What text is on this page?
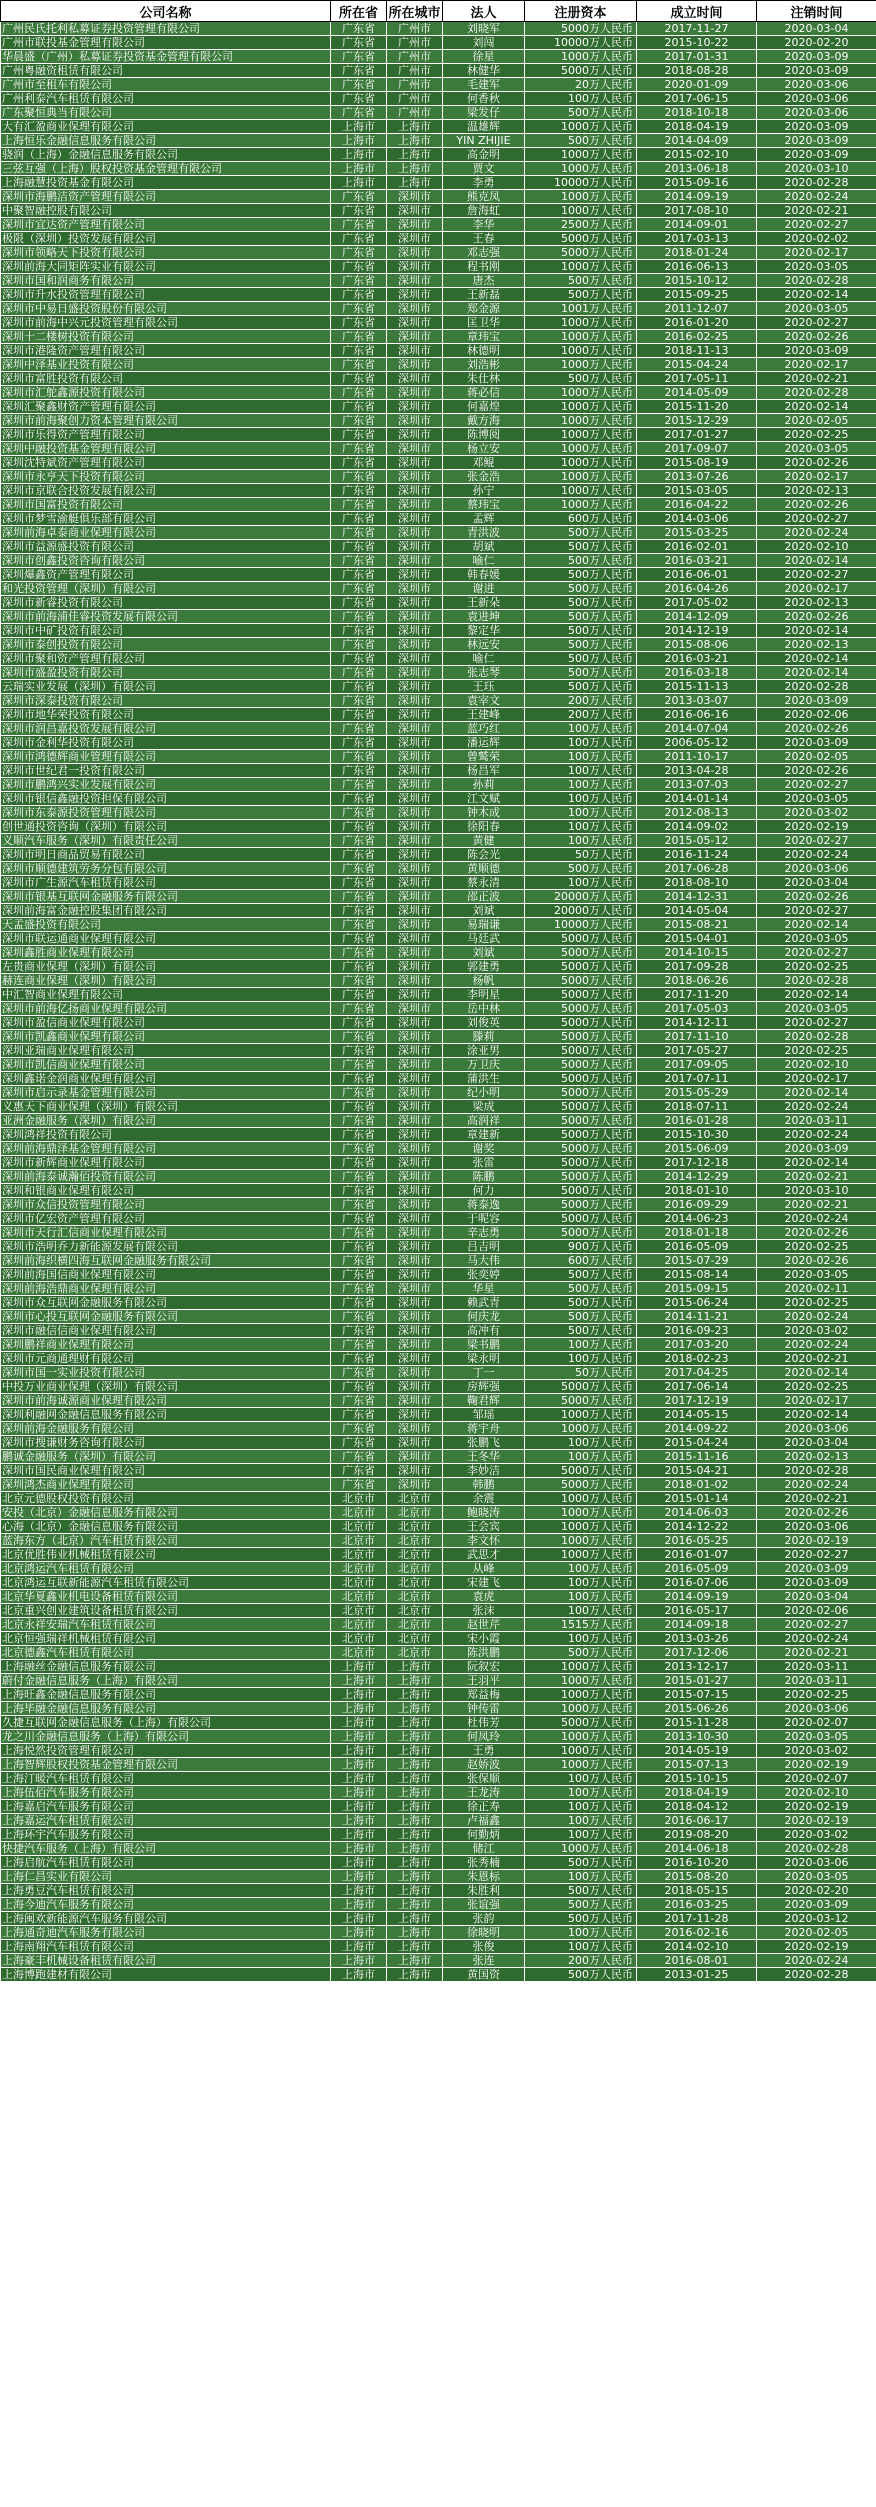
公司名称	所在省	所在城市	法人	注册资本	成立时间	注销时间
广州民氏托利私募证券投资管理有限公司	广东省	广州市	刘晓军	5000万人民币	2017-11-27	2020-03-04
广州市联投基金管理有限公司	广东省	广州市	刘闯	10000万人民币	2015-10-22	2020-02-20
华晨盛（广州）私募证券投资基金管理有限公司	广东省	广州市	徐星	1000万人民币	2017-01-31	2020-03-09
广州粤融资租赁有限公司	广东省	广州市	林健华	5000万人民币	2018-08-28	2020-03-09
广州市至租车有限公司	广东省	广州市	毛建军	20万人民币	2020-01-09	2020-03-06
广州利泰汽车租赁有限公司	广东省	广州市	何香秋	100万人民币	2017-06-15	2020-03-06
广东聚恒典当有限公司	广东省	广州市	梁发仔	500万人民币	2018-10-18	2020-03-06
大有汇盈商业保理有限公司	上海市	上海市	温雄辉	1000万人民币	2018-04-19	2020-03-09
上海恒乐金融信息服务有限公司	上海市	上海市	YIN ZHIJIE	500万人民币	2014-04-09	2020-03-09
骁润（上海）金融信息服务有限公司	上海市	上海市	高金明	1000万人民币	2015-02-10	2020-03-09
三弦互强（上海）股权投资基金管理有限公司	上海市	上海市	贾文	1000万人民币	2013-06-18	2020-03-10
上海融慧投资基金有限公司	上海市	上海市	李勇	10000万人民币	2015-09-16	2020-02-28
深圳市海鹏洁资产管理有限公司	广东省	深圳市	熊克凤	1000万人民币	2014-09-19	2020-02-24
中聚智融控股有限公司	广东省	深圳市	詹海虹	1000万人民币	2017-08-10	2020-02-21
深圳市宜达资产管理有限公司	广东省	深圳市	李华	2500万人民币	2014-09-01	2020-02-27
极限（深圳）投资发展有限公司	广东省	深圳市	王春	5000万人民币	2017-03-13	2020-02-02
深圳市领略天下投资有限公司	广东省	深圳市	邓志强	5000万人民币	2018-01-24	2020-02-17
深圳前海大同矩阵实业有限公司	广东省	深圳市	程书刚	1000万人民币	2016-06-13	2020-03-05
深圳市国和润商务有限公司	广东省	深圳市	唐杰	500万人民币	2015-10-12	2020-02-28
深圳市升水投资管理有限公司	广东省	深圳市	王新磊	500万人民币	2015-09-25	2020-02-14
深圳市中易日盛投资股份有限公司	广东省	深圳市	郑金源	1001万人民币	2011-12-07	2020-03-05
深圳市前海中兴元投资管理有限公司	广东省	深圳市	匡卫华	1000万人民币	2016-01-20	2020-02-27
深圳十二楼树投资有限公司	广东省	深圳市	章玮宝	1000万人民币	2016-02-25	2020-02-26
深圳市港隆资产管理有限公司	广东省	深圳市	林德明	1000万人民币	2018-11-13	2020-03-09
深圳中泽基业投资有限公司	广东省	深圳市	刘浩彬	1000万人民币	2015-04-24	2020-02-17
深圳市富胜投资有限公司	广东省	深圳市	朱仕林	500万人民币	2017-05-11	2020-02-21
深圳市汇鸵鑫源投资有限公司	广东省	深圳市	蒋必信	1000万人民币	2014-05-09	2020-02-28
深圳汇聚鑫财资产管理有限公司	广东省	深圳市	何嘉煌	1000万人民币	2015-11-20	2020-02-14
深圳市前海聚创力资本管理有限公司	广东省	深圳市	戴方海	1000万人民币	2015-12-29	2020-02-05
深圳市乐得资产管理有限公司	广东省	深圳市	陈博阅	1000万人民币	2017-01-27	2020-02-25
深圳中融投资基金管理有限公司	广东省	深圳市	杨立安	1000万人民币	2017-09-07	2020-03-05
深圳沈特斌资产管理有限公司	广东省	深圳市	邓鲲	1000万人民币	2015-08-19	2020-02-26
深圳市永亨天下投资有限公司	广东省	深圳市	张金浩	1000万人民币	2013-07-26	2020-02-17
深圳市京联合投资发展有限公司	广东省	深圳市	孙宁	1000万人民币	2015-03-05	2020-02-13
深圳市国富投资有限公司	广东省	深圳市	蔡玮宝	1000万人民币	2016-04-22	2020-02-26
深圳市梦雪渝艇俱乐部有限公司	广东省	深圳市	孟辉	600万人民币	2014-03-06	2020-02-27
深圳前海卓泰商业保理有限公司	广东省	深圳市	青洪波	500万人民币	2015-03-25	2020-02-24
深圳市益源盛投资有限公司	广东省	深圳市	胡斌	500万人民币	2016-02-01	2020-02-10
深圳市创鑫投资咨询有限公司	广东省	深圳市	喻仁	500万人民币	2016-03-21	2020-02-14
深圳爆鑫资产管理有限公司	广东省	深圳市	韩春媛	500万人民币	2016-06-01	2020-02-27
和光投资管理（深圳）有限公司	广东省	深圳市	谢进	500万人民币	2016-04-26	2020-02-17
深圳市新睿投资有限公司	广东省	深圳市	王新朵	500万人民币	2017-05-02	2020-02-13
深圳市前海浦佳睿投资发展有限公司	广东省	深圳市	袁进坤	500万人民币	2014-12-09	2020-02-26
深圳市中矿投资有限公司	广东省	深圳市	黎定华	500万人民币	2014-12-19	2020-02-14
深圳市泰创投资有限公司	广东省	深圳市	林远安	500万人民币	2015-08-06	2020-02-13
深圳市聚和资产管理有限公司	广东省	深圳市	喻仁	500万人民币	2016-03-21	2020-02-14
深圳市盛盈投资有限公司	广东省	深圳市	张志琴	500万人民币	2016-03-18	2020-02-14
云瑞实业发展（深圳）有限公司	广东省	深圳市	王珏	500万人民币	2015-11-13	2020-02-28
深圳市深泰投资有限公司	广东省	深圳市	袁宰文	200万人民币	2013-03-07	2020-03-09
深圳市地华荣投资有限公司	广东省	深圳市	王建峰	200万人民币	2016-06-16	2020-02-06
深圳市润昌嘉投资发展有限公司	广东省	深圳市	蓝巧红	100万人民币	2014-07-04	2020-02-26
深圳市金利华投资有限公司	广东省	深圳市	潘运辉	100万人民币	2006-05-12	2020-03-09
深圳市鸿德辉商业管理有限公司	广东省	深圳市	曾鹫荣	100万人民币	2011-10-17	2020-02-05
深圳市世纪君一投资有限公司	广东省	深圳市	杨昌军	100万人民币	2013-04-28	2020-02-26
深圳市鹏鸿兴实业发展有限公司	广东省	深圳市	孙莉	100万人民币	2013-07-03	2020-02-27
深圳市银信鑫融投资担保有限公司	广东省	深圳市	江文赋	100万人民币	2014-01-14	2020-03-05
深圳市东泰源投资管理有限公司	广东省	深圳市	钟木成	100万人民币	2012-08-13	2020-03-02
创世通投资咨询（深圳）有限公司	广东省	深圳市	徐阳春	100万人民币	2014-09-02	2020-02-19
义顺汽车服务（深圳）有限责任公司	广东省	深圳市	黄健	100万人民币	2015-05-12	2020-02-27
深圳市明日商品贸易有限公司	广东省	深圳市	陈会光	50万人民币	2016-11-24	2020-02-24
深圳市顺德建筑劳务分包有限公司	广东省	深圳市	黄顺德	500万人民币	2017-06-28	2020-03-06
深圳市广生源汽车租赁有限公司	广东省	深圳市	蔡永清	100万人民币	2018-08-10	2020-03-04
深圳市银基互联网金融服务有限公司	广东省	深圳市	邵正波	20000万人民币	2014-12-31	2020-02-26
深圳前海富金融控股集团有限公司	广东省	深圳市	刘斌	20000万人民币	2014-05-04	2020-02-27
天孟盛投资有限公司	广东省	深圳市	易瑞谦	10000万人民币	2015-08-21	2020-02-14
深圳市联运通商业保理有限公司	广东省	深圳市	马廷武	5000万人民币	2015-04-01	2020-03-05
深圳鑫胜商业保理有限公司	广东省	深圳市	刘斌	5000万人民币	2014-10-15	2020-02-27
左贵商业保理（深圳）有限公司	广东省	深圳市	郭建勇	5000万人民币	2017-09-28	2020-02-25
赫连商业保理（深圳）有限公司	广东省	深圳市	杨帆	5000万人民币	2018-06-26	2020-02-28
中汇智商业保理有限公司	广东省	深圳市	李明星	5000万人民币	2017-11-20	2020-02-14
深圳市前海亿扬商业保理有限公司	广东省	深圳市	岳中林	5000万人民币	2017-05-03	2020-03-05
深圳市盈信商业保理有限公司	广东省	深圳市	刘俊英	5000万人民币	2014-12-11	2020-02-27
深圳市凯鑫商业保理有限公司	广东省	深圳市	滕莉	5000万人民币	2017-11-10	2020-02-28
深圳亚瑞商业保理有限公司	广东省	深圳市	涂亚男	5000万人民币	2017-05-27	2020-02-25
深圳市凯信商业保理有限公司	广东省	深圳市	万卫庆	5000万人民币	2017-09-05	2020-02-10
深圳鑫诺金润商业保理有限公司	广东省	深圳市	蒲洪生	5000万人民币	2017-07-11	2020-02-17
深圳市启示录基金管理有限公司	广东省	深圳市	纪小明	5000万人民币	2015-05-29	2020-02-14
义惠天下商业保理（深圳）有限公司	广东省	深圳市	梁成	5000万人民币	2018-07-11	2020-02-24
亚洲金融服务（深圳）有限公司	广东省	深圳市	高润祥	5000万人民币	2016-01-28	2020-03-11
深圳鸿祥投资有限公司	广东省	深圳市	章建新	5000万人民币	2015-10-30	2020-02-24
深圳前海鼎泽基金管理有限公司	广东省	深圳市	谢奖	5000万人民币	2015-06-09	2020-03-09
深圳市新辉商业保理有限公司	广东省	深圳市	张雷	5000万人民币	2017-12-18	2020-02-14
深圳前海泰诚瀚佰投资有限公司	广东省	深圳市	陈鹏	5000万人民币	2014-12-29	2020-02-21
深圳和银商业保理有限公司	广东省	深圳市	何力	5000万人民币	2018-01-10	2020-03-10
深圳市众信投资管理有限公司	广东省	深圳市	蒋泰逸	5000万人民币	2016-09-29	2020-02-21
深圳市亿宏资产管理有限公司	广东省	深圳市	于呢容	5000万人民币	2014-06-23	2020-02-24
深圳市天行汇信商业保理有限公司	广东省	深圳市	辛志勇	5000万人民币	2018-01-18	2020-02-26
深圳市浩明乔力新能源发展有限公司	广东省	深圳市	吕吉明	900万人民币	2016-05-09	2020-02-25
深圳前海织横四海互联网金融服务有限公司	广东省	深圳市	马大伟	600万人民币	2015-07-29	2020-02-26
深圳前海国信商业保理有限公司	广东省	深圳市	张奕婷	500万人民币	2015-08-14	2020-03-05
深圳前海浩鼎商业保理有限公司	广东省	深圳市	华星	500万人民币	2015-09-15	2020-02-11
深圳市众互联网金融服务有限公司	广东省	深圳市	赖武青	500万人民币	2015-06-24	2020-02-25
深圳市心投互联网金融服务有限公司	广东省	深圳市	何庆龙	500万人民币	2014-11-21	2020-02-24
深圳市融信信商业保理有限公司	广东省	深圳市	高冲有	500万人民币	2016-09-23	2020-03-02
深圳鹏祥商业保理有限公司	广东省	深圳市	梁书鹏	100万人民币	2017-03-20	2020-02-24
深圳市元商通理财有限公司	广东省	深圳市	梁永明	100万人民币	2018-02-23	2020-02-21
深圳市国一实业投资有限公司	广东省	深圳市	丁一	50万人民币	2017-04-25	2020-02-14
中投万业商业保理（深圳）有限公司	广东省	深圳市	房辉强	5000万人民币	2017-06-14	2020-02-25
深圳市前海诚源商业保理有限公司	广东省	深圳市	鞠君辉	5000万人民币	2017-12-19	2020-02-17
深圳利融网金融信息服务有限公司	广东省	深圳市	邹瑶	1000万人民币	2014-05-15	2020-02-14
深圳前海金融服务有限公司	广东省	深圳市	蒋宇舟	1000万人民币	2014-09-22	2020-03-06
深圳市搜谦财务咨询有限公司	广东省	深圳市	张鹏飞	100万人民币	2015-04-24	2020-03-04
鹏诚金融服务（深圳）有限公司	广东省	深圳市	王冬华	100万人民币	2015-11-16	2020-02-13
深圳市国民商业保理有限公司	广东省	深圳市	李妙洁	5000万人民币	2015-04-21	2020-02-28
深圳鸿杰商业保理有限公司	广东省	深圳市	韩鹏	5000万人民币	2018-01-02	2020-02-24
北京元德股权投资有限公司	北京市	北京市	余震	1000万人民币	2015-01-14	2020-02-21
安投（北京）金融信息服务有限公司	北京市	北京市	鲍晓涛	1000万人民币	2014-06-03	2020-02-26
心海（北京）金融信息服务有限公司	北京市	北京市	王会宾	1000万人民币	2014-12-22	2020-03-06
蓝海东方（北京）汽车租赁有限公司	北京市	北京市	李文怀	1000万人民币	2016-05-25	2020-02-19
北京优胜伟业机械租赁有限公司	北京市	北京市	武思才	1000万人民币	2016-01-07	2020-02-27
北京鸿运汽车租赁有限公司	北京市	北京市	从峰	100万人民币	2016-05-09	2020-03-09
北京鸿运互联新能源汽车租赁有限公司	北京市	北京市	宋建飞	100万人民币	2016-07-06	2020-03-09
北京华夏鑫业机电设备租赁有限公司	北京市	北京市	袁虎	100万人民币	2014-09-19	2020-03-04
北京重兴创业建筑设备租赁有限公司	北京市	北京市	张沫	100万人民币	2016-05-17	2020-02-06
北京永祥安瑞汽车租赁有限公司	北京市	北京市	赵世芹	1515万人民币	2014-09-18	2020-02-27
北京恒强瑞祥机械租赁有限公司	北京市	北京市	宋小霞	100万人民币	2013-03-26	2020-02-24
北京德鑫汽车租赁有限公司	北京市	北京市	陈洪鹏	500万人民币	2017-12-06	2020-02-21
上海融丝金融信息服务有限公司	上海市	上海市	阮叙宏	1000万人民币	2013-12-17	2020-03-11
蔚付金融信息服务（上海）有限公司	上海市	上海市	王羽平	1000万人民币	2015-01-27	2020-03-11
上海旺鑫金融信息服务有限公司	上海市	上海市	郑益梅	1000万人民币	2015-07-15	2020-02-25
上海毕融金融信息服务有限公司	上海市	上海市	钟传雷	1000万人民币	2015-06-26	2020-03-06
久捷互联网金融信息服务（上海）有限公司	上海市	上海市	杜伟芳	5000万人民币	2015-11-28	2020-02-07
龙之川金融信息服务（上海）有限公司	上海市	上海市	何凤玲	1000万人民币	2013-10-30	2020-03-05
上海悦然投资管理有限公司	上海市	上海市	王勇	1000万人民币	2014-05-19	2020-03-02
上海智辉股权投资基金管理有限公司	上海市	上海市	赵娇波	1000万人民币	2015-07-13	2020-02-19
上海汀暖汽车租赁有限公司	上海市	上海市	张保顺	100万人民币	2015-10-15	2020-02-07
上海伍佰汽车服务有限公司	上海市	上海市	王龙涛	100万人民币	2018-04-19	2020-02-10
上海嘉启汽车服务有限公司	上海市	上海市	徐正寿	100万人民币	2018-04-12	2020-02-19
上海嘉运汽车租赁有限公司	上海市	上海市	卢福鑫	100万人民币	2016-06-17	2020-02-19
上海环宇汽车服务有限公司	上海市	上海市	何勤炳	100万人民币	2019-08-20	2020-03-02
快捷汽车服务（上海）有限公司	上海市	上海市	储江	1000万人民币	2014-06-18	2020-02-28
上海启航汽车租赁有限公司	上海市	上海市	张秀楠	500万人民币	2016-10-20	2020-03-06
上海仁昌实业有限公司	上海市	上海市	朱恩标	100万人民币	2015-08-20	2020-03-05
上海勇豆汽车租赁有限公司	上海市	上海市	朱胜利	500万人民币	2018-05-15	2020-02-20
上海今迪汽车服务有限公司	上海市	上海市	张谊强	500万人民币	2016-03-25	2020-03-09
上海闽欢新能源汽车服务有限公司	上海市	上海市	张韵	500万人民币	2017-11-28	2020-03-12
上海通奇迪汽车服务有限公司	上海市	上海市	徐晓明	100万人民币	2016-02-16	2020-02-05
上海南翔汽车租赁有限公司	上海市	上海市	张俊	100万人民币	2014-02-10	2020-02-19
上海豪丰机械设备租赁有限公司	上海市	上海市	张连	200万人民币	2016-08-01	2020-02-24
上海博跑建材有限公司	上海市	上海市	黄国资	500万人民币	2013-01-25	2020-02-28
